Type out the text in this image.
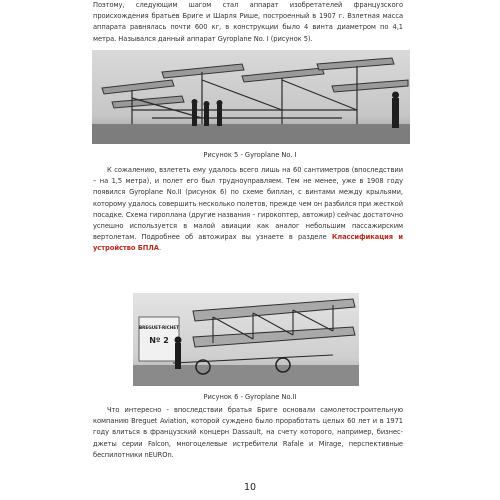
Поэтому, следующим шагом стал аппарат изобретателей французского происхождения братьев Бриге и Шарля Рише, построенный в 1907 г. Взлетная масса аппарата равнялась почти 600 кг, в конструкции было 4 винта диаметром по 4,1 метра. Назывался данный аппарат Gyroplane No. I (рисунок 5).

Рисунок 5 - Gyroplane No. I

К сожалению, взлететь ему удалось всего лишь на 60 сантиметров (впоследствии – на 1,5 метра), и полет его был трудноуправляем. Тем не менее, уже в 1908 году появился Gyroplane No.II (рисунок 6) по схеме биплан, с винтами между крыльями, которому удалось совершить несколько полетов, прежде чем он разбился при жесткой посадке. Схема гироплана (другие названия – гирокоптер, автожир) сейчас достаточно успешно используется в малой авиации как аналог небольшим пассажирским вертолетам. Подробнее об автожирах вы узнаете в разделе Классификация и устройство БПЛА.

BREGUET-RICHET
Nº 2
Рисунок 6 - Gyroplane No.II

Что интересно - впоследствии братья Бриге основали самолетостроительную компанию Breguet Aviation, которой суждено было проработать целых 60 лет и в 1971 году влиться в французский концерн Dassault, на счету которого, например, бизнес-джеты серии Falcon, многоцелевые истребители Rafale и Mirage, перспективные беспилотники nEUROn.

10
